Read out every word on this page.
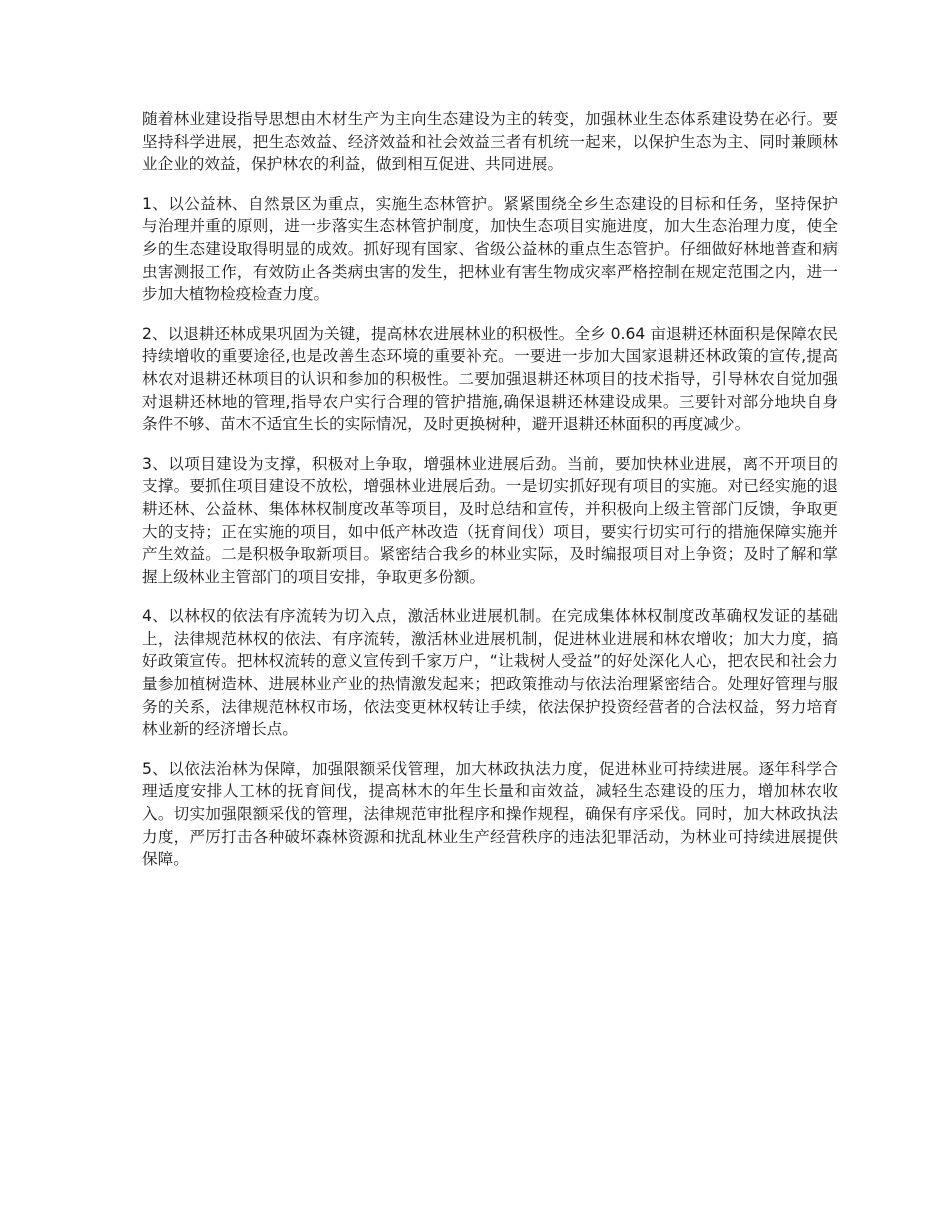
随着林业建设指导思想由木材生产为主向生态建设为主的转变，加强林业生态体系建设势在必行。要坚持科学进展，把生态效益、经济效益和社会效益三者有机统一起来，以保护生态为主、同时兼顾林业企业的效益，保护林农的利益，做到相互促进、共同进展。

1、以公益林、自然景区为重点，实施生态林管护。紧紧围绕全乡生态建设的目标和任务，坚持保护与治理并重的原则，进一步落实生态林管护制度，加快生态项目实施进度，加大生态治理力度，使全乡的生态建设取得明显的成效。抓好现有国家、省级公益林的重点生态管护。仔细做好林地普查和病虫害测报工作，有效防止各类病虫害的发生，把林业有害生物成灾率严格控制在规定范围之内，进一步加大植物检疫检查力度。

2、以退耕还林成果巩固为关键，提高林农进展林业的积极性。全乡 0.64 亩退耕还林面积是保障农民持续增收的重要途径,也是改善生态环境的重要补充。一要进一步加大国家退耕还林政策的宣传,提高林农对退耕还林项目的认识和参加的积极性。二要加强退耕还林项目的技术指导，引导林农自觉加强对退耕还林地的管理,指导农户实行合理的管护措施,确保退耕还林建设成果。三要针对部分地块自身条件不够、苗木不适宜生长的实际情况，及时更换树种，避开退耕还林面积的再度减少。

3、以项目建设为支撑，积极对上争取，增强林业进展后劲。当前，要加快林业进展，离不开项目的支撑。要抓住项目建设不放松，增强林业进展后劲。一是切实抓好现有项目的实施。对已经实施的退耕还林、公益林、集体林权制度改革等项目，及时总结和宣传，并积极向上级主管部门反馈，争取更大的支持；正在实施的项目，如中低产林改造（抚育间伐）项目，要实行切实可行的措施保障实施并产生效益。二是积极争取新项目。紧密结合我乡的林业实际，及时编报项目对上争资；及时了解和掌握上级林业主管部门的项目安排，争取更多份额。

4、以林权的依法有序流转为切入点，激活林业进展机制。在完成集体林权制度改革确权发证的基础上，法律规范林权的依法、有序流转，激活林业进展机制，促进林业进展和林农增收；加大力度，搞好政策宣传。把林权流转的意义宣传到千家万户，“让栽树人受益”的好处深化人心，把农民和社会力量参加植树造林、进展林业产业的热情激发起来；把政策推动与依法治理紧密结合。处理好管理与服务的关系，法律规范林权市场，依法变更林权转让手续，依法保护投资经营者的合法权益，努力培育林业新的经济增长点。

5、以依法治林为保障，加强限额采伐管理，加大林政执法力度，促进林业可持续进展。逐年科学合理适度安排人工林的抚育间伐，提高林木的年生长量和亩效益，减轻生态建设的压力，增加林农收入。切实加强限额采伐的管理，法律规范审批程序和操作规程，确保有序采伐。同时，加大林政执法力度，严厉打击各种破坏森林资源和扰乱林业生产经营秩序的违法犯罪活动，为林业可持续进展提供保障。
